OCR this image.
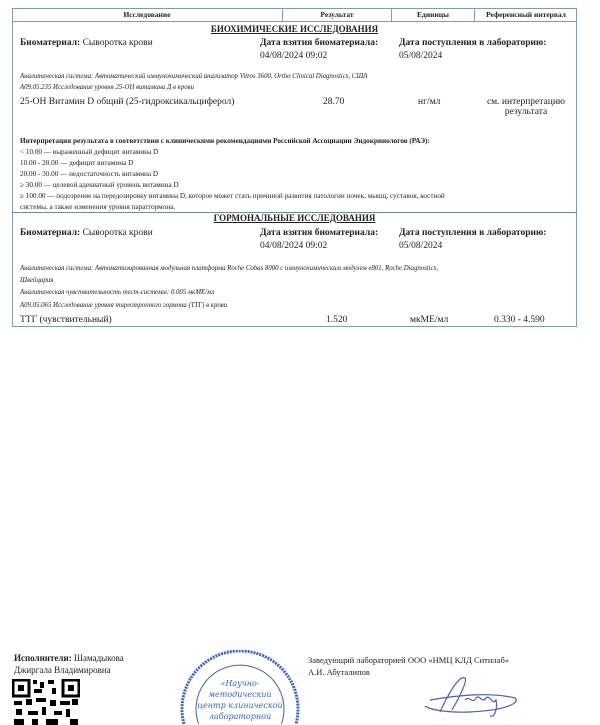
Исследование	Результат	Единицы	Референсный интервал
БИОХИМИЧЕСКИЕ ИССЛЕДОВАНИЯ
Биоматериал: Сыворотка крови	Дата взятия биоматериала:
04/08/2024 09:02
Дата поступления в лабораторию:
05/08/2024
Аналитическая система: Автоматический иммунохимический анализатор Vitros 3600, Ortho Clinical Diagnostics, США
A09.05.235 Исследование уровня 25-OH витамина Д в крови
25-OH Витамин D общий (25-гидроксикальциферол)	28.70	нг/мл	см. интерпретацию
результата
Интерпретация результата в соответствии с клиническими рекомендациями Российской Ассоциации Эндокринологов (РАЭ):
< 10.00 — выраженный дефицит витамина D
10.00 - 20.00 — дефицит витамина D
20.00 - 30.00 — недостаточность витамина D
≥ 30.00 — целевой адекватный уровень витамина D
≥ 100.00 — подозрение на передозировку витамина D, которое может стать причиной развития патологии почек, мышц, суставов, костной
системы, а также изменения уровня паратгормона.
ГОРМОНАЛЬНЫЕ ИССЛЕДОВАНИЯ
Биоматериал: Сыворотка крови	Дата взятия биоматериала:
04/08/2024 09:02
Дата поступления в лабораторию:
05/08/2024
Аналитическая система: Автоматизированная модульная платформа Roche Cobas 8000 с иммунохимическим модулем e801, Roche Diagnostics,
Швейцария
Аналитическая чувствительность тест-системы: 0.005 мкМЕ/мл
A09.05.065 Исследование уровня тиреотропного гормона (ТТГ) в крови
ТТГ (чувствительный)	1.520	мкМЕ/мл	0.330 - 4.590
Исполнители: Шамадыкова
Джиргала Владимировна
«Научно-
методический
центр клинической
лабораторной
Заведующий лабораторией ООО «НМЦ КЛД Ситилаб»
А.И. Абуталипов
